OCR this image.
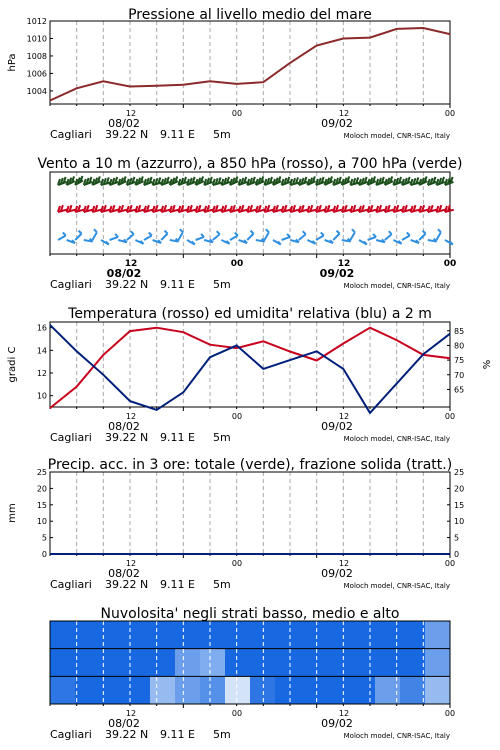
Pressione al livello medio del mare
12	00	12	00
08/02	09/02
Cagliari 39.22 N 9.11 E 5m	Moloch model, CNR-ISAC, Italy
1004
1006
1008
1010
1012
hPa
Vento a 10 m (azzurro), a 850 hPa (rosso), a 700 hPa (verde)
12	00	12	00
08/02	09/02
Cagliari 39.22 N 9.11 E 5m	Moloch model, CNR-ISAC, Italy
Temperatura (rosso) ed umidita' relativa (blu) a 2 m
12	00	12	00
08/02	09/02
Cagliari 39.22 N 9.11 E 5m	Moloch model, CNR-ISAC, Italy
10
12
14
16
65
70
75
80
85
gradi C	%
Precip. acc. in 3 ore: totale (verde), frazione solida (tratt.)
12	00	12	00
08/02	09/02
Cagliari 39.22 N 9.11 E 5m	Moloch model, CNR-ISAC, Italy
0
5
10
15
20
25
0
5
10
15
20
25
mm
Nuvolosita' negli strati basso, medio e alto
12	00	12	00
08/02	09/02
Cagliari 39.22 N 9.11 E 5m	Moloch model, CNR-ISAC, Italy
